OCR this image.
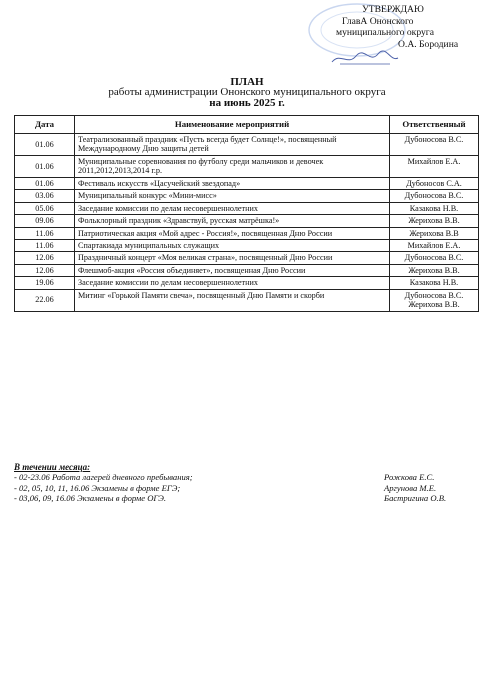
УТВЕРЖДАЮ
ГлавА Ононского
муниципального округа
О.А. Бородина
ПЛАН
работы администрации Ононского муниципального округа
на июнь 2025 г.
Дата	Наименование мероприятий	Ответственный
01.06	Театрализованный праздник «Пусть всегда будет Солнце!», посвященный Международному Дню защиты детей	Дубоносова В.С.
01.06	Муниципальные соревнования по футболу среди мальчиков и девочек 2011,2012,2013,2014 г.р.	Михайлов Е.А.
01.06	Фестиваль искусств «Цасучейский звездопад»	Дубоносов С.А.
03.06	Муниципальный конкурс «Мини-мисс»	Дубоносова В.С.
05.06	Заседание комиссии по делам несовершеннолетних	Казакова Н.В.
09.06	Фольклорный праздник «Здравствуй, русская матрёшка!»	Жерихова В.В.
11.06	Патриотическая акция «Мой адрес - Россия!», посвященная Дню России	Жерихова В.В
11.06	Спартакиада муниципальных служащих	Михайлов Е.А.
12.06	Праздничный концерт «Моя великая страна», посвященный Дню России	Дубоносова В.С.
12.06	Флешмоб-акция «Россия объединяет», посвященная Дню России	Жерихова В.В.
19.06	Заседание комиссии по делам несовершеннолетних	Казакова Н.В.
22.06	Митинг «Горькой Памяти свеча», посвященный Дню Памяти и скорби	Дубоносова В.С. Жерихова В.В.
В течении месяца:
- 02-23.06 Работа лагерей дневного пребывания;	Рожкова Е.С.
- 02, 05, 10, 11, 16.06 Экзамены в форме ЕГЭ;	Аргунова М.Е.
- 03,06, 09, 16.06 Экзамены в форме ОГЭ.	Бастригина О.В.
